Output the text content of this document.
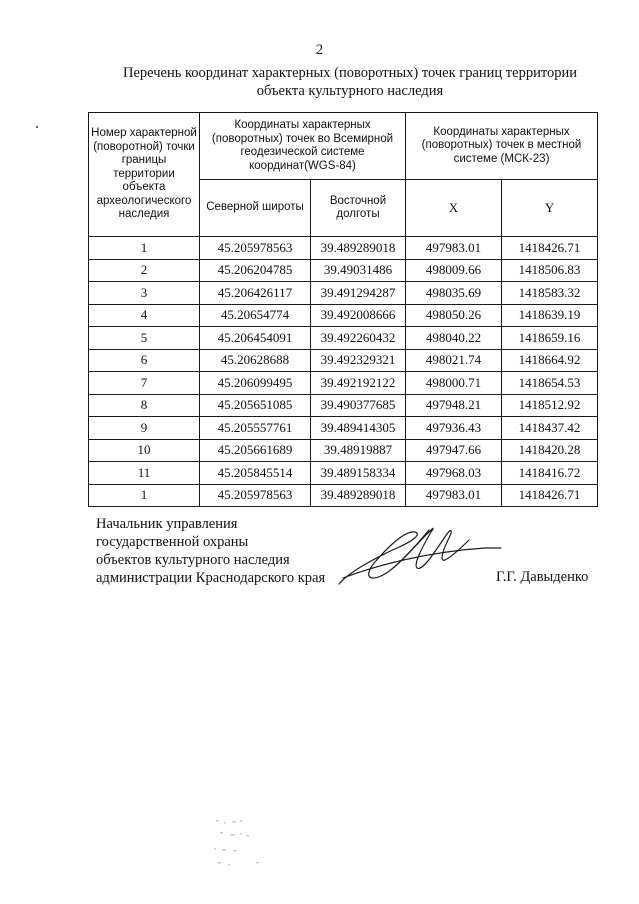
2
Перечень координат характерных (поворотных) точек границ территории
объекта культурного наследия
Номер характерной (поворотной) точки границы территории объекта археологического наследия	Координаты характерных (поворотных) точек во Всемирной геодезической системе координат(WGS-84)		Координаты характерных (поворотных) точек в местной системе (МСК-23)	
	Северной широты	Восточной долготы	X	Y
1	45.205978563	39.489289018	497983.01	1418426.71
2	45.206204785	39.49031486	498009.66	1418506.83
3	45.206426117	39.491294287	498035.69	1418583.32
4	45.20654774	39.492008666	498050.26	1418639.19
5	45.206454091	39.492260432	498040.22	1418659.16
6	45.20628688	39.492329321	498021.74	1418664.92
7	45.206099495	39.492192122	498000.71	1418654.53
8	45.205651085	39.490377685	497948.21	1418512.92
9	45.205557761	39.489414305	497936.43	1418437.42
10	45.205661689	39.48919887	497947.66	1418420.28
11	45.205845514	39.489158334	497968.03	1418416.72
1	45.205978563	39.489289018	497983.01	1418426.71
Начальник управления
государственной охраны
объектов культурного наследия
администрации Краснодарского края	Г.Г. Давыденко
